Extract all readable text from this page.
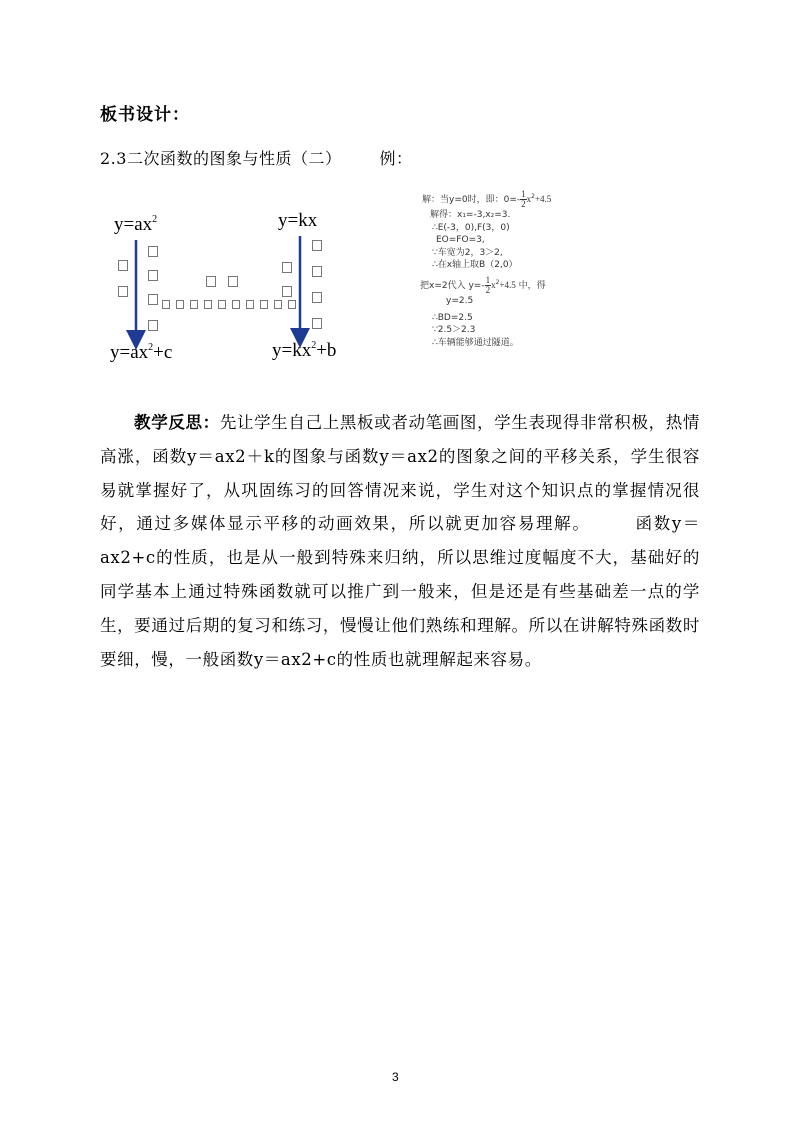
板书设计：
2.3二次函数的图象与性质（二） 例：
$y=ax^2$	y=kx
$y=ax^2+c$	$y=kx^2+b$
解：当y=0时，即：$0=- \frac{1}{2} x^2+4.5$
解得：x₁=-3,x₂=3.
∴E(-3，0),F(3，0)
EO=FO=3,
∵车宽为2，3＞2,
∴在x轴上取B（2,0）
把x=2代入 $y=- \frac{1}{2} x^2+4.5$ 中，得
y=2.5
∴BD=2.5
∵2.5＞2.3
∴车辆能够通过隧道。
教学反思：先让学生自己上黑板或者动笔画图，学生表现得非常积极，热情高涨，函数y＝ax2＋k的图象与函数y＝ax2的图象之间的平移关系，学生很容易就掌握好了，从巩固练习的回答情况来说，学生对这个知识点的掌握情况很好，通过多媒体显示平移的动画效果，所以就更加容易理解。	函数y＝ax2+c的性质，也是从一般到特殊来归纳，所以思维过度幅度不大，基础好的同学基本上通过特殊函数就可以推广到一般来，但是还是有些基础差一点的学生，要通过后期的复习和练习，慢慢让他们熟练和理解。所以在讲解特殊函数时要细，慢，一般函数y＝ax2+c的性质也就理解起来容易。
3
